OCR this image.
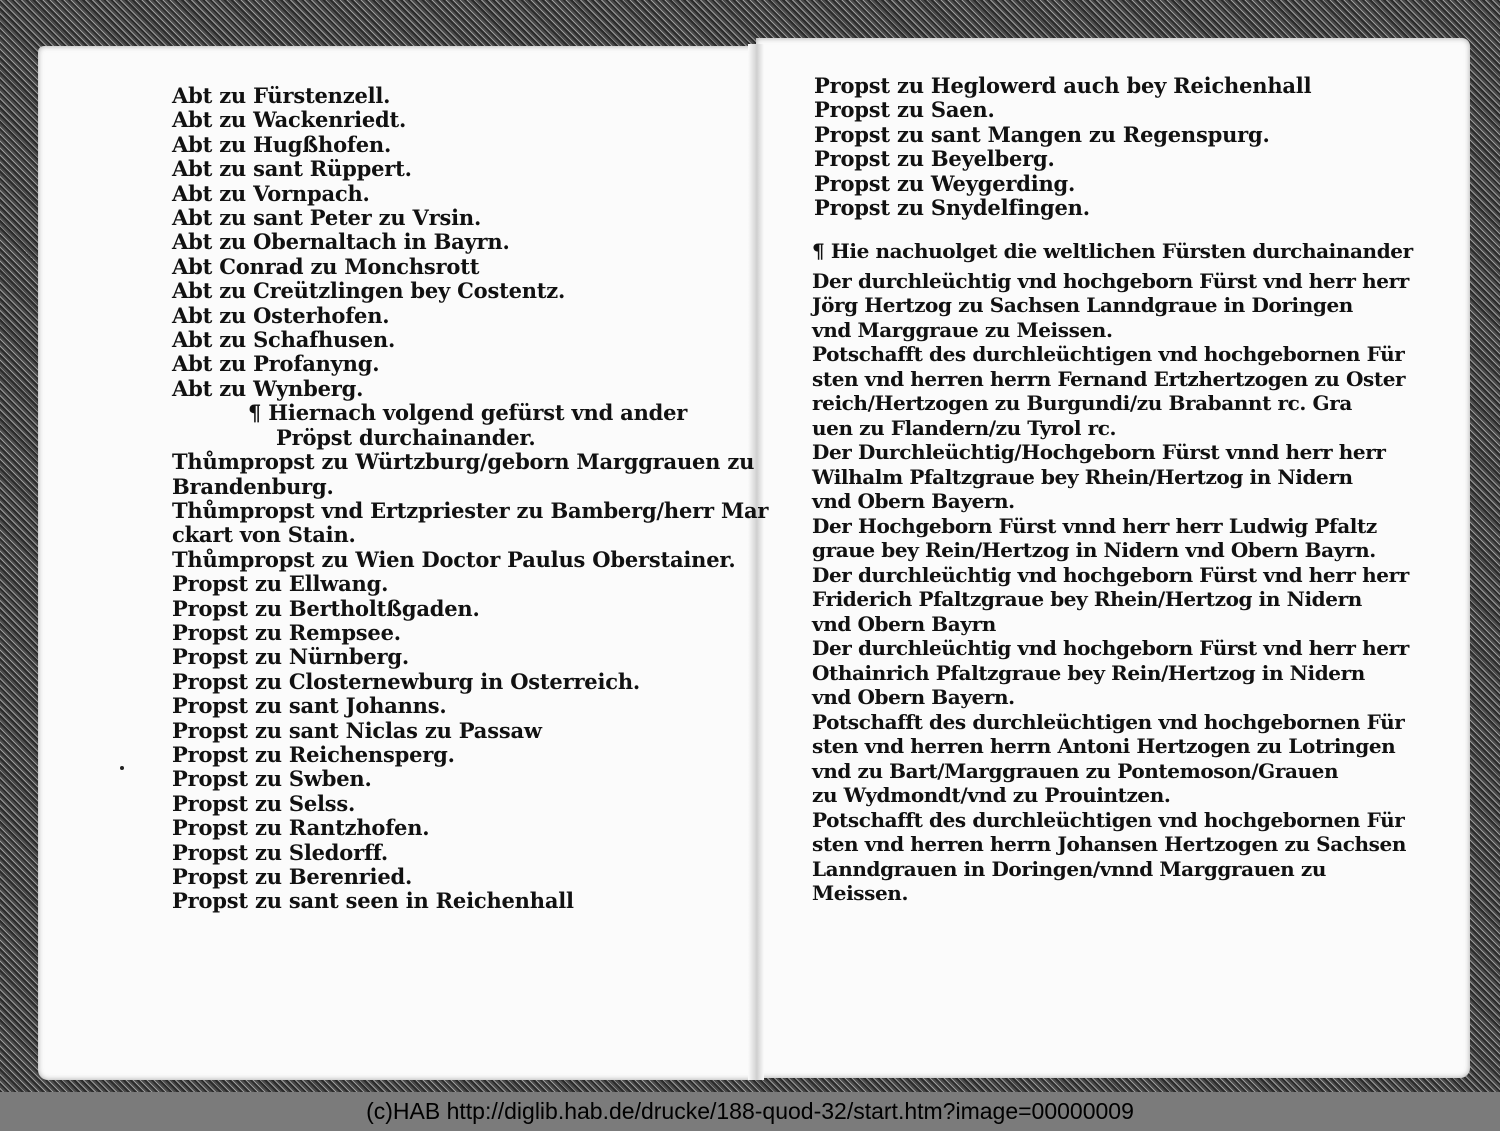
Abt zu Fürstenzell.
Abt zu Wackenriedt.
Abt zu Hugßhofen.
Abt zu sant Rüppert.
Abt zu Vornpach.
Abt zu sant Peter zu Vrsin.
Abt zu Obernaltach in Bayrn.
Abt Conrad zu Monchsrott
Abt zu Creützlingen bey Costentz.
Abt zu Osterhofen.
Abt zu Schafhusen.
Abt zu Profanyng.
Abt zu Wynberg.
¶ Hiernach volgend gefürst vnd ander
Pröpst durchainander.
Thůmpropst zu Würtzburg/geborn Marggrauen zu
Brandenburg.
Thůmpropst vnd Ertzpriester zu Bamberg/herr Mar
ckart von Stain.
Thůmpropst zu Wien Doctor Paulus Oberstainer.
Propst zu Ellwang.
Propst zu Bertholtßgaden.
Propst zu Rempsee.
Propst zu Nürnberg.
Propst zu Closternewburg in Osterreich.
Propst zu sant Johanns.
Propst zu sant Niclas zu Passaw
Propst zu Reichensperg.
Propst zu Swben.
Propst zu Selss.
Propst zu Rantzhofen.
Propst zu Sledorff.
Propst zu Berenried.
Propst zu sant seen in Reichenhall
Propst zu Heglowerd auch bey Reichenhall
Propst zu Saen.
Propst zu sant Mangen zu Regenspurg.
Propst zu Beyelberg.
Propst zu Weygerding.
Propst zu Snydelfingen.
¶ Hie nachuolget die weltlichen Fürsten durchainander
Der durchleüchtig vnd hochgeborn Fürst vnd herr herr
Jörg Hertzog zu Sachsen Lanndgraue in Doringen
vnd Marggraue zu Meissen.
Potschafft des durchleüchtigen vnd hochgebornen Für
sten vnd herren herrn Fernand Ertzhertzogen zu Oster
reich/Hertzogen zu Burgundi/zu Brabannt rc. Gra
uen zu Flandern/zu Tyrol rc.
Der Durchleüchtig/Hochgeborn Fürst vnnd herr herr
Wilhalm Pfaltzgraue bey Rhein/Hertzog in Nidern
vnd Obern Bayern.
Der Hochgeborn Fürst vnnd herr herr Ludwig Pfaltz
graue bey Rein/Hertzog in Nidern vnd Obern Bayrn.
Der durchleüchtig vnd hochgeborn Fürst vnd herr herr
Friderich Pfaltzgraue bey Rhein/Hertzog in Nidern
vnd Obern Bayrn
Der durchleüchtig vnd hochgeborn Fürst vnd herr herr
Othainrich Pfaltzgraue bey Rein/Hertzog in Nidern
vnd Obern Bayern.
Potschafft des durchleüchtigen vnd hochgebornen Für
sten vnd herren herrn Antoni Hertzogen zu Lotringen
vnd zu Bart/Marggrauen zu Pontemoson/Grauen
zu Wydmondt/vnd zu Prouintzen.
Potschafft des durchleüchtigen vnd hochgebornen Für
sten vnd herren herrn Johansen Hertzogen zu Sachsen
Lanndgrauen in Doringen/vnnd Marggrauen zu
Meissen.
(c)HAB http://diglib.hab.de/drucke/188-quod-32/start.htm?image=00000009
